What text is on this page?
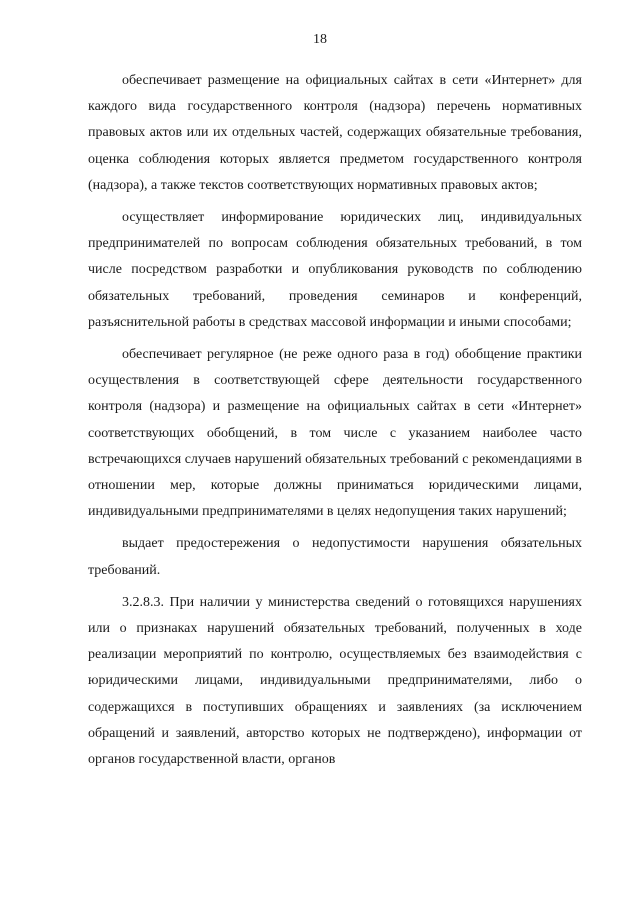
18

обеспечивает размещение на официальных сайтах в сети «Интернет» для каждого вида государственного контроля (надзора) перечень нормативных правовых актов или их отдельных частей, содержащих обязательные требования, оценка соблюдения которых является предметом государственного контроля (надзора), а также текстов соответствующих нормативных правовых актов;

осуществляет информирование юридических лиц, индивидуальных предпринимателей по вопросам соблюдения обязательных требований, в том числе посредством разработки и опубликования руководств по соблюдению обязательных требований, проведения семинаров и конференций, разъяснительной работы в средствах массовой информации и иными способами;

обеспечивает регулярное (не реже одного раза в год) обобщение практики осуществления в соответствующей сфере деятельности государственного контроля (надзора) и размещение на официальных сайтах в сети «Интернет» соответствующих обобщений, в том числе с указанием наиболее часто встречающихся случаев нарушений обязательных требований с рекомендациями в отношении мер, которые должны приниматься юридическими лицами, индивидуальными предпринимателями в целях недопущения таких нарушений;

выдает предостережения о недопустимости нарушения обязательных требований.

3.2.8.3. При наличии у министерства сведений о готовящихся нарушениях или о признаках нарушений обязательных требований, полученных в ходе реализации мероприятий по контролю, осуществляемых без взаимодействия с юридическими лицами, индивидуальными предпринимателями, либо о содержащихся в поступивших обращениях и заявлениях (за исключением обращений и заявлений, авторство которых не подтверждено), информации от органов государственной власти, органов
